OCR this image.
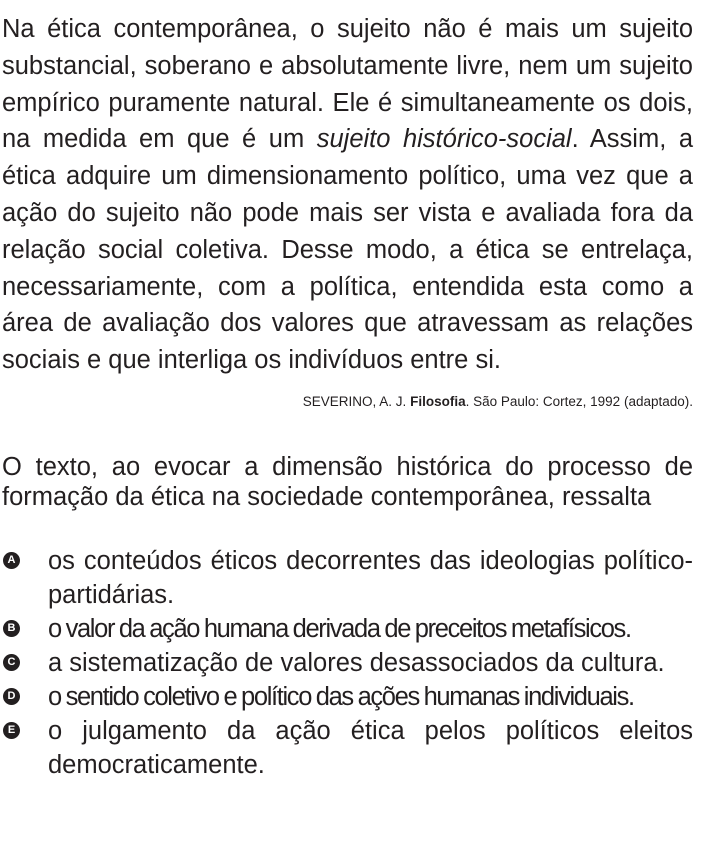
Na ética contemporânea, o sujeito não é mais um sujeito substancial, soberano e absolutamente livre, nem um sujeito empírico puramente natural. Ele é simultaneamente os dois, na medida em que é um sujeito histórico-social. Assim, a ética adquire um dimensionamento político, uma vez que a ação do sujeito não pode mais ser vista e avaliada fora da relação social coletiva. Desse modo, a ética se entrelaça, necessariamente, com a política, entendida esta como a área de avaliação dos valores que atravessam as relações sociais e que interliga os indivíduos entre si.

SEVERINO, A. J. Filosofia. São Paulo: Cortez, 1992 (adaptado).

O texto, ao evocar a dimensão histórica do processo de formação da ética na sociedade contemporânea, ressalta

A os conteúdos éticos decorrentes das ideologias político-partidárias.
B o valor da ação humana derivada de preceitos metafísicos.
C a sistematização de valores desassociados da cultura.
D o sentido coletivo e político das ações humanas individuais.
E o julgamento da ação ética pelos políticos eleitos democraticamente.
